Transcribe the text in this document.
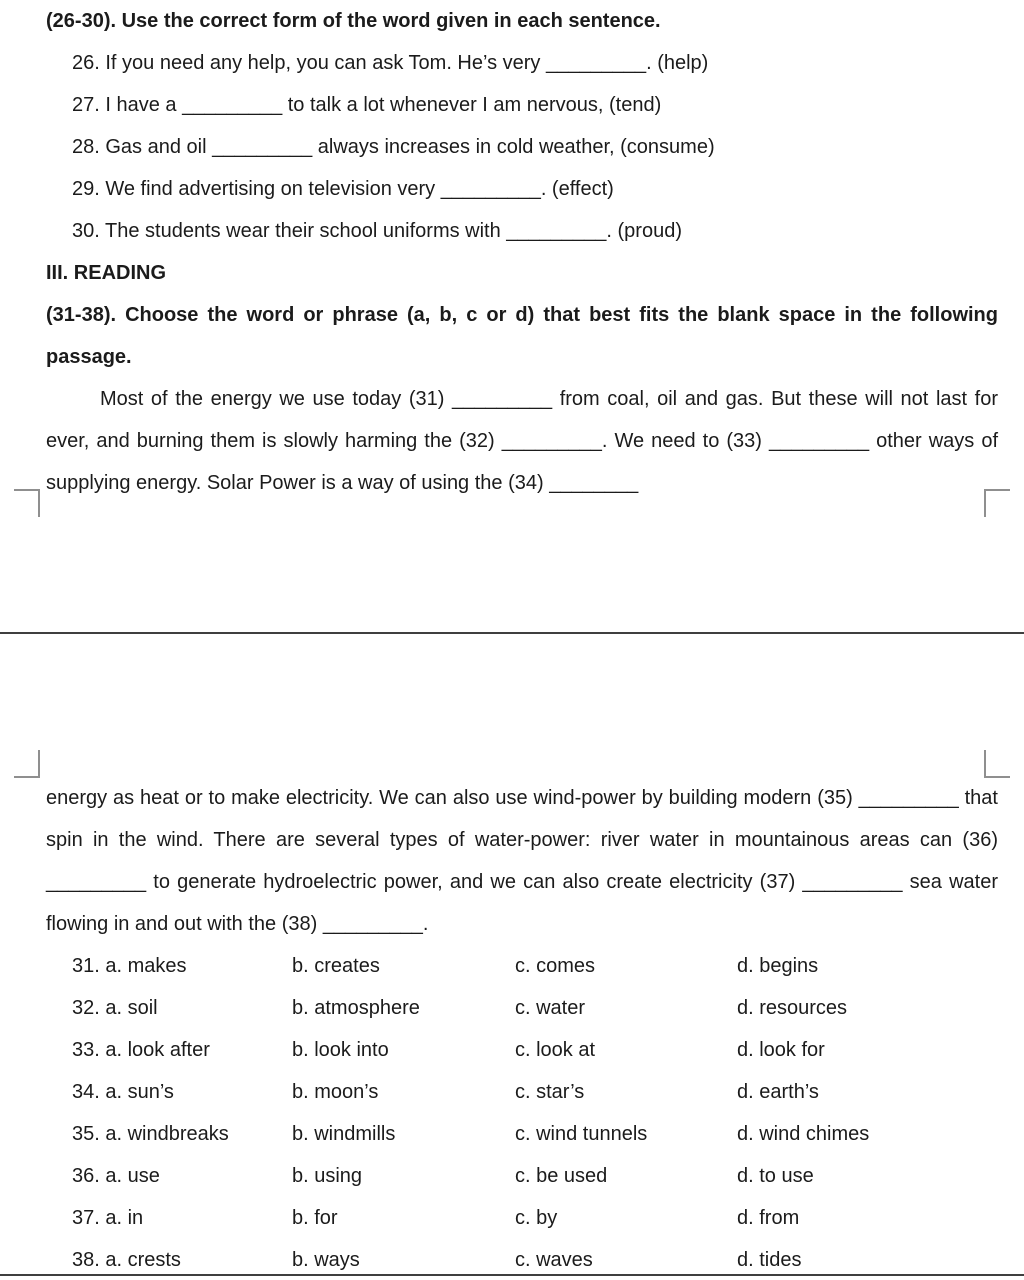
(26-30). Use the correct form of the word given in each sentence.
26. If you need any help, you can ask Tom. He’s very _________. (help)
27. I have a _________ to talk a lot whenever I am nervous, (tend)
28. Gas and oil _________ always increases in cold weather, (consume)
29. We find advertising on television very _________. (effect)
30. The students wear their school uniforms with _________. (proud)
III. READING
(31-38). Choose the word or phrase (a, b, c or d) that best fits the blank space in the following passage.
Most of the energy we use today (31) _________ from coal, oil and gas. But these will not last for ever, and burning them is slowly harming the (32) _________. We need to (33) _________ other ways of supplying energy. Solar Power is a way of using the (34) ________
energy as heat or to make electricity. We can also use wind-power by building modern (35) _________ that spin in the wind. There are several types of water-power: river water in mountainous areas can (36) _________ to generate hydroelectric power, and we can also create electricity (37) _________ sea water flowing in and out with the (38) _________.
31. a. makes	b. creates	c. comes	d. begins
32. a. soil	b. atmosphere	c. water	d. resources
33. a. look after	b. look into	c. look at	d. look for
34. a. sun’s	b. moon’s	c. star’s	d. earth’s
35. a. windbreaks	b. windmills	c. wind tunnels	d. wind chimes
36. a. use	b. using	c. be used	d. to use
37. a. in	b. for	c. by	d. from
38. a. crests	b. ways	c. waves	d. tides
